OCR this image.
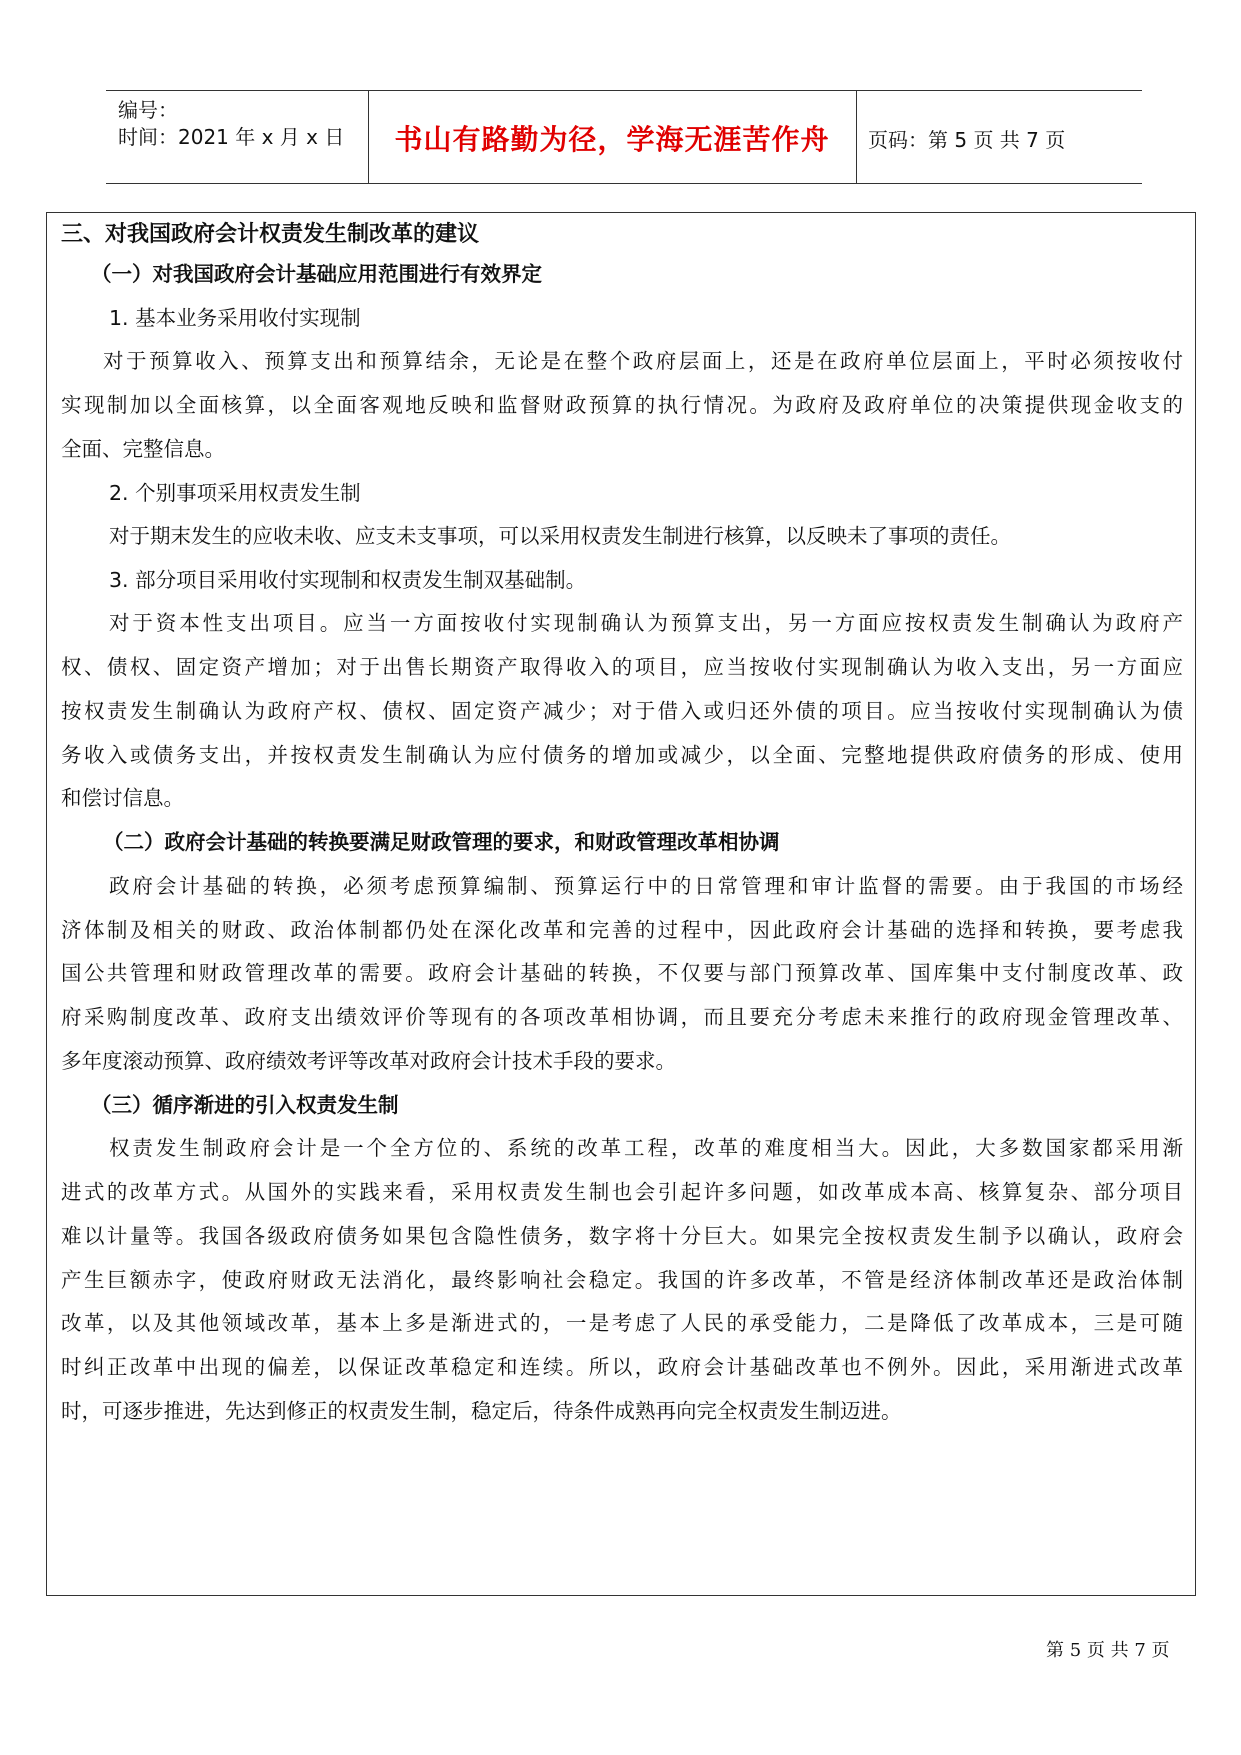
编号：
时间：2021 年 x 月 x 日	书山有路勤为径，学海无涯苦作舟	页码：第 5 页 共 7 页
三、对我国政府会计权责发生制改革的建议
（一）对我国政府会计基础应用范围进行有效界定
1. 基本业务采用收付实现制
对于预算收入、预算支出和预算结余，无论是在整个政府层面上，还是在政府单位层面上，平时必须按收付
实现制加以全面核算，以全面客观地反映和监督财政预算的执行情况。为政府及政府单位的决策提供现金收支的
全面、完整信息。
2. 个别事项采用权责发生制
对于期末发生的应收未收、应支未支事项，可以采用权责发生制进行核算，以反映未了事项的责任。
3. 部分项目采用收付实现制和权责发生制双基础制。
对于资本性支出项目。应当一方面按收付实现制确认为预算支出，另一方面应按权责发生制确认为政府产
权、债权、固定资产增加；对于出售长期资产取得收入的项目，应当按收付实现制确认为收入支出，另一方面应
按权责发生制确认为政府产权、债权、固定资产减少；对于借入或归还外债的项目。应当按收付实现制确认为债
务收入或债务支出，并按权责发生制确认为应付债务的增加或减少，以全面、完整地提供政府债务的形成、使用
和偿讨信息。
（二）政府会计基础的转换要满足财政管理的要求，和财政管理改革相协调
政府会计基础的转换，必须考虑预算编制、预算运行中的日常管理和审计监督的需要。由于我国的市场经
济体制及相关的财政、政治体制都仍处在深化改革和完善的过程中，因此政府会计基础的选择和转换，要考虑我
国公共管理和财政管理改革的需要。政府会计基础的转换，不仅要与部门预算改革、国库集中支付制度改革、政
府采购制度改革、政府支出绩效评价等现有的各项改革相协调，而且要充分考虑未来推行的政府现金管理改革、
多年度滚动预算、政府绩效考评等改革对政府会计技术手段的要求。
（三）循序渐进的引入权责发生制
权责发生制政府会计是一个全方位的、系统的改革工程，改革的难度相当大。因此，大多数国家都采用渐
进式的改革方式。从国外的实践来看，采用权责发生制也会引起许多问题，如改革成本高、核算复杂、部分项目
难以计量等。我国各级政府债务如果包含隐性债务，数字将十分巨大。如果完全按权责发生制予以确认，政府会
产生巨额赤字，使政府财政无法消化，最终影响社会稳定。我国的许多改革，不管是经济体制改革还是政治体制
改革，以及其他领域改革，基本上多是渐进式的，一是考虑了人民的承受能力，二是降低了改革成本，三是可随
时纠正改革中出现的偏差，以保证改革稳定和连续。所以，政府会计基础改革也不例外。因此，采用渐进式改革
时，可逐步推进，先达到修正的权责发生制，稳定后，待条件成熟再向完全权责发生制迈进。
第 5 页 共 7 页
